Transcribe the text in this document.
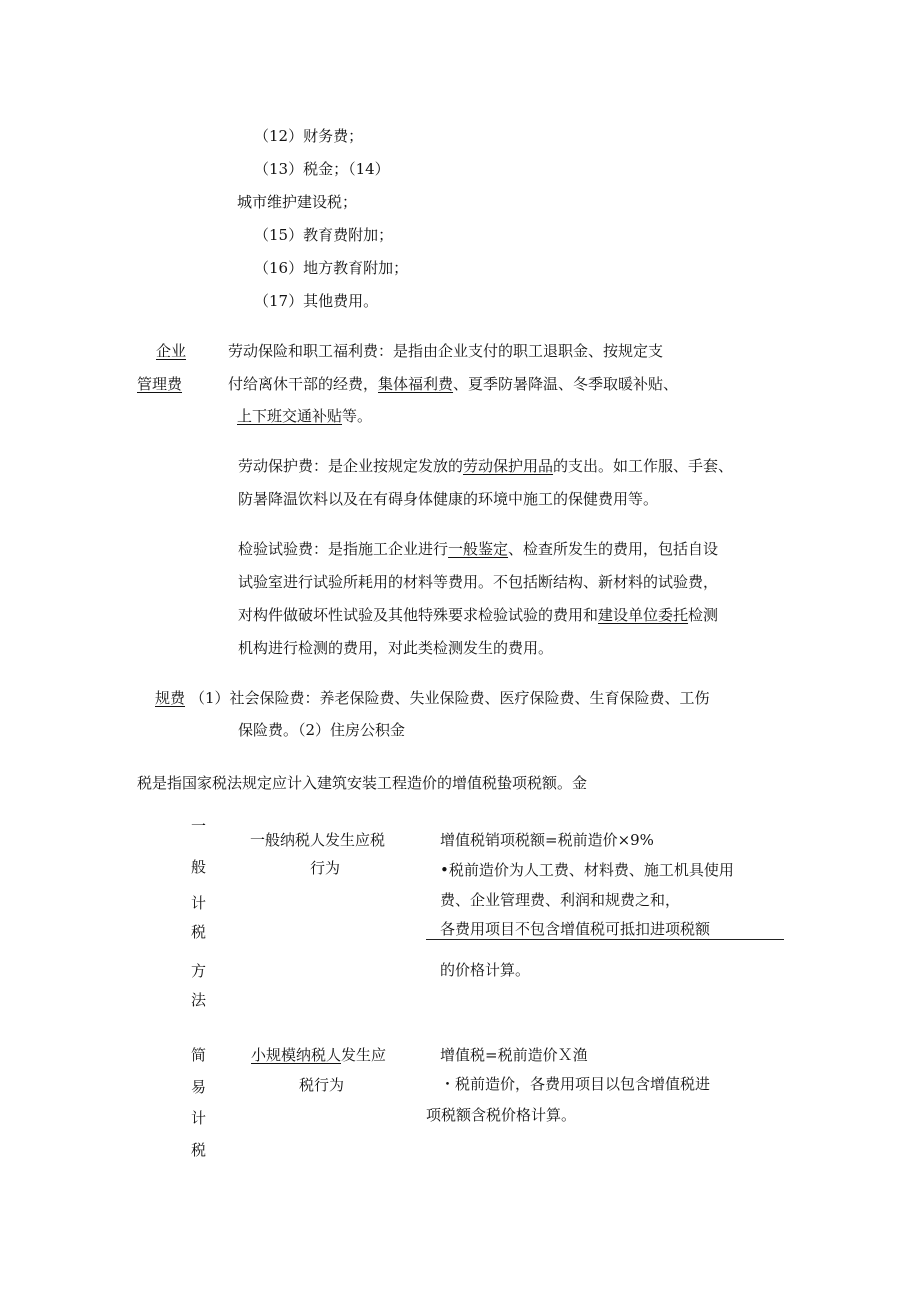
（12）财务费；
（13）税金；（14）
城市维护建设税；
（15）教育费附加；
（16）地方教育附加；
（17）其他费用。
企业
管理费
劳动保险和职工福利费：是指由企业支付的职工退职金、按规定支
付给离休干部的经费，集体福利费、夏季防暑降温、冬季取暖补贴、
上下班交通补贴等。
劳动保护费：是企业按规定发放的劳动保护用品的支出。如工作服、手套、
防暑降温饮料以及在有碍身体健康的环境中施工的保健费用等。
检验试验费：是指施工企业进行一般鉴定、检查所发生的费用，包括自设
试验室进行试验所耗用的材料等费用。不包括断结构、新材料的试验费，
对构件做破坏性试验及其他特殊要求检验试验的费用和建设单位委托检测
机构进行检测的费用，对此类检测发生的费用。
规费 （1）社会保险费：养老保险费、失业保险费、医疗保险费、生育保险费、工伤
保险费。（2）住房公积金
税是指国家税法规定应计入建筑安装工程造价的增值税蛰项税额。金
一
般
计
税
方
法
一般纳税人发生应税
行为
增值税销项税额=税前造价×9%
•税前造价为人工费、材料费、施工机具使用
费、企业管理费、利润和规费之和，
各费用项目不包含增值税可抵扣进项税额
的价格计算。
简
易
计
税
小规模纳税人发生应
税行为
增值税=税前造价Ｘ渔
・税前造价，各费用项目以包含增值税进
项税额含税价格计算。
